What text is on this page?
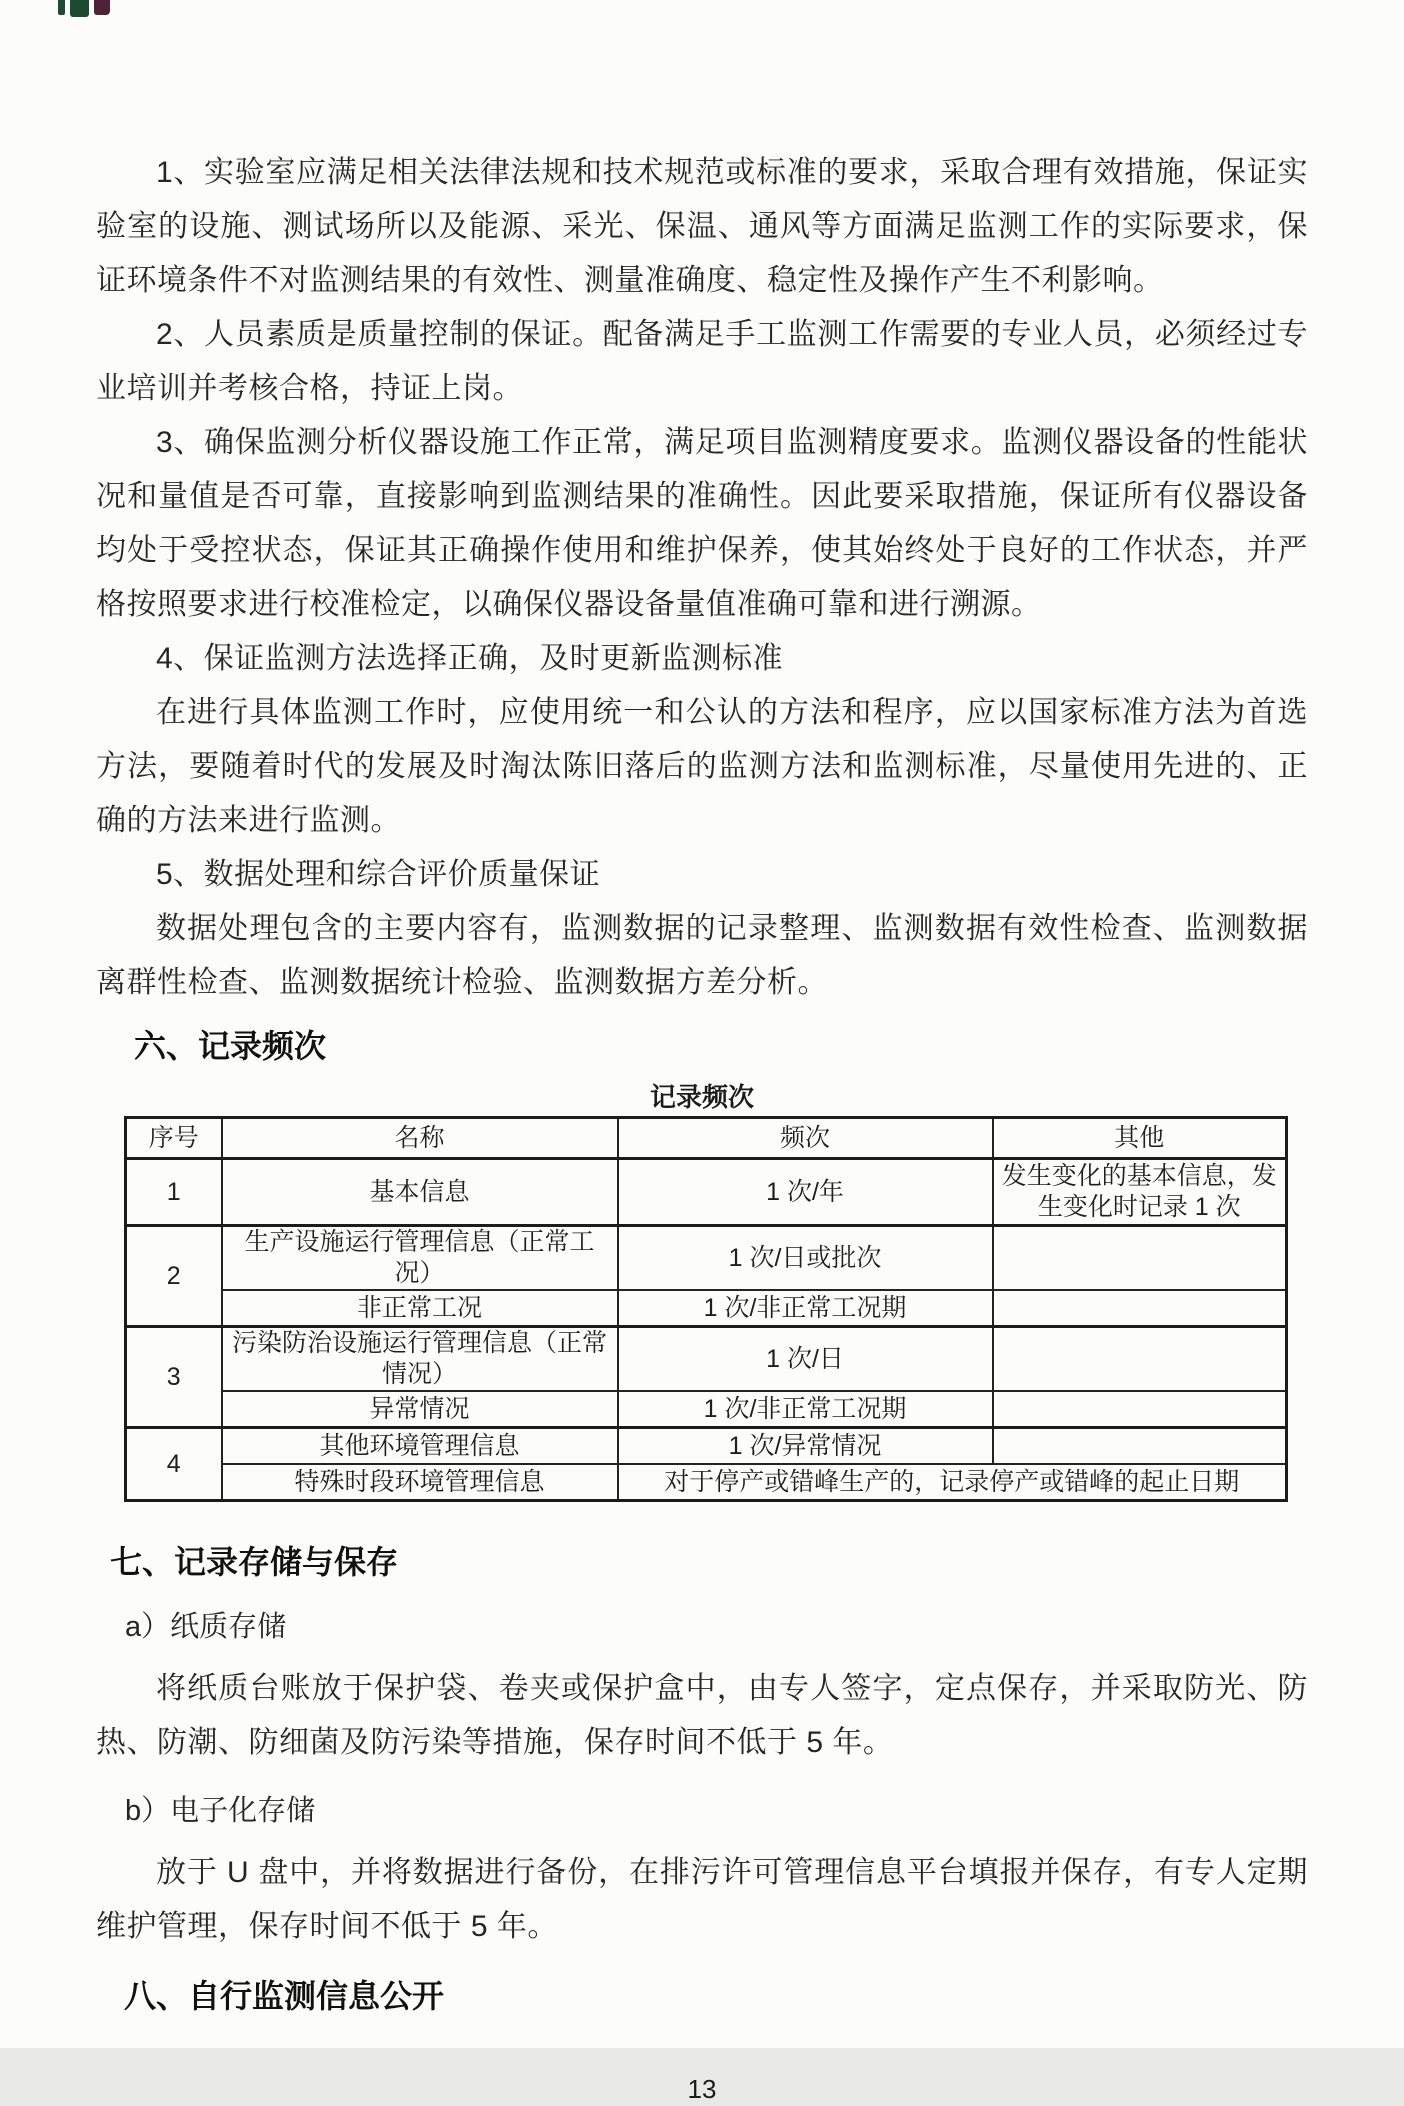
1、实验室应满足相关法律法规和技术规范或标准的要求，采取合理有效措施，保证实验室的设施、测试场所以及能源、采光、保温、通风等方面满足监测工作的实际要求，保证环境条件不对监测结果的有效性、测量准确度、稳定性及操作产生不利影响。

2、人员素质是质量控制的保证。配备满足手工监测工作需要的专业人员，必须经过专业培训并考核合格，持证上岗。

3、确保监测分析仪器设施工作正常，满足项目监测精度要求。监测仪器设备的性能状况和量值是否可靠，直接影响到监测结果的准确性。因此要采取措施，保证所有仪器设备均处于受控状态，保证其正确操作使用和维护保养，使其始终处于良好的工作状态，并严格按照要求进行校准检定，以确保仪器设备量值准确可靠和进行溯源。

4、保证监测方法选择正确，及时更新监测标准

在进行具体监测工作时，应使用统一和公认的方法和程序，应以国家标准方法为首选方法，要随着时代的发展及时淘汰陈旧落后的监测方法和监测标准，尽量使用先进的、正确的方法来进行监测。

5、数据处理和综合评价质量保证

数据处理包含的主要内容有，监测数据的记录整理、监测数据有效性检查、监测数据离群性检查、监测数据统计检验、监测数据方差分析。

六、记录频次
记录频次
序号	名称	频次	其他
1	基本信息	1 次/年	发生变化的基本信息，发生变化时记录 1 次
2	生产设施运行管理信息（正常工况）	1 次/日或批次	
	非正常工况	1 次/非正常工况期	
3	污染防治设施运行管理信息（正常情况）	1 次/日	
	异常情况	1 次/非正常工况期	
4	其他环境管理信息	1 次/异常情况	
	特殊时段环境管理信息	对于停产或错峰生产的，记录停产或错峰的起止日期	
七、记录存储与保存

a）纸质存储

将纸质台账放于保护袋、卷夹或保护盒中，由专人签字，定点保存，并采取防光、防热、防潮、防细菌及防污染等措施，保存时间不低于 5 年。

b）电子化存储

放于 U 盘中，并将数据进行备份，在排污许可管理信息平台填报并保存，有专人定期维护管理，保存时间不低于 5 年。

八、自行监测信息公开
13
